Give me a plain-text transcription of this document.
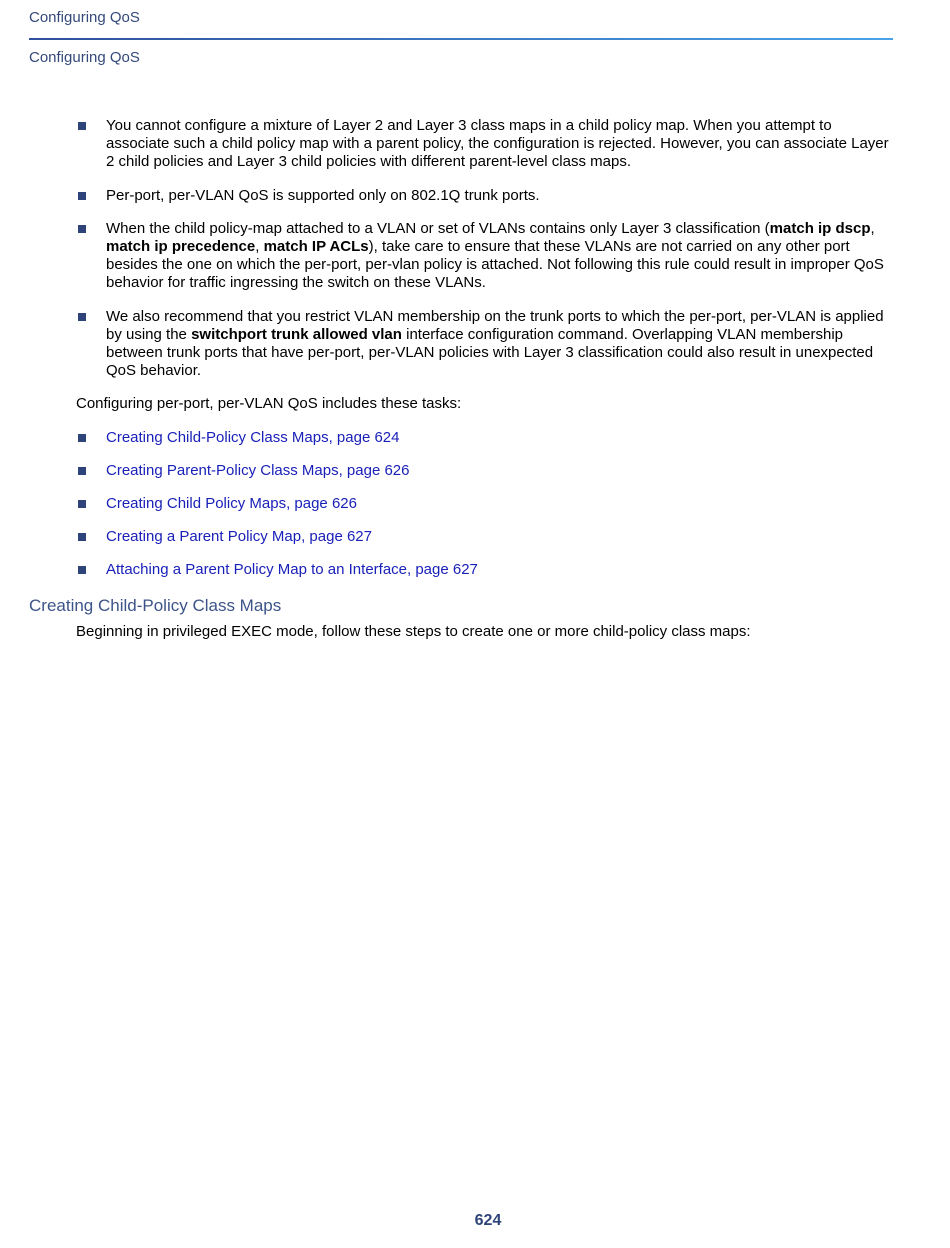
Configuring QoS
Configuring QoS
You cannot configure a mixture of Layer 2 and Layer 3 class maps in a child policy map. When you attempt to associate such a child policy map with a parent policy, the configuration is rejected. However, you can associate Layer 2 child policies and Layer 3 child policies with different parent-level class maps.
Per-port, per-VLAN QoS is supported only on 802.1Q trunk ports.
When the child policy-map attached to a VLAN or set of VLANs contains only Layer 3 classification (match ip dscp, match ip precedence, match IP ACLs), take care to ensure that these VLANs are not carried on any other port besides the one on which the per-port, per-vlan policy is attached. Not following this rule could result in improper QoS behavior for traffic ingressing the switch on these VLANs.
We also recommend that you restrict VLAN membership on the trunk ports to which the per-port, per-VLAN is applied by using the switchport trunk allowed vlan interface configuration command. Overlapping VLAN membership between trunk ports that have per-port, per-VLAN policies with Layer 3 classification could also result in unexpected QoS behavior.

Configuring per-port, per-VLAN QoS includes these tasks:

Creating Child-Policy Class Maps, page 624
Creating Parent-Policy Class Maps, page 626
Creating Child Policy Maps, page 626
Creating a Parent Policy Map, page 627
Attaching a Parent Policy Map to an Interface, page 627
Creating Child-Policy Class Maps
Beginning in privileged EXEC mode, follow these steps to create one or more child-policy class maps:
624
